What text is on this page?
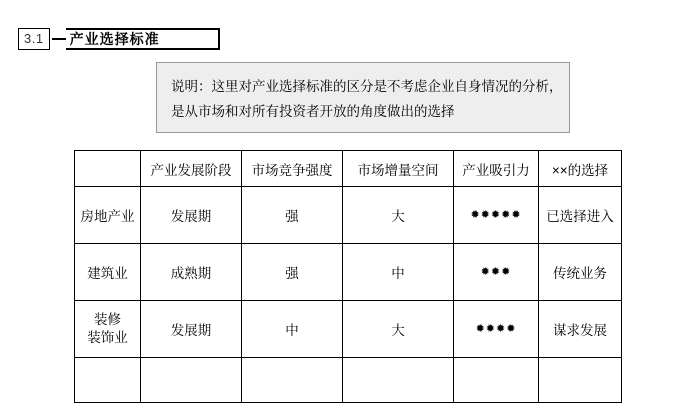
3.1	产业选择标准
说明：这里对产业选择标准的区分是不考虑企业自身情况的分析，
是从市场和对所有投资者开放的角度做出的选择
	产业发展阶段	市场竞争强度	市场增量空间	产业吸引力	××的选择
房地产业	发展期	强	大	✹✹✹✹✹	已选择进入
建筑业	成熟期	强	中	✹✹✹	传统业务

装修
装饰业	发展期	中	大	✹✹✹✹	谋求发展
